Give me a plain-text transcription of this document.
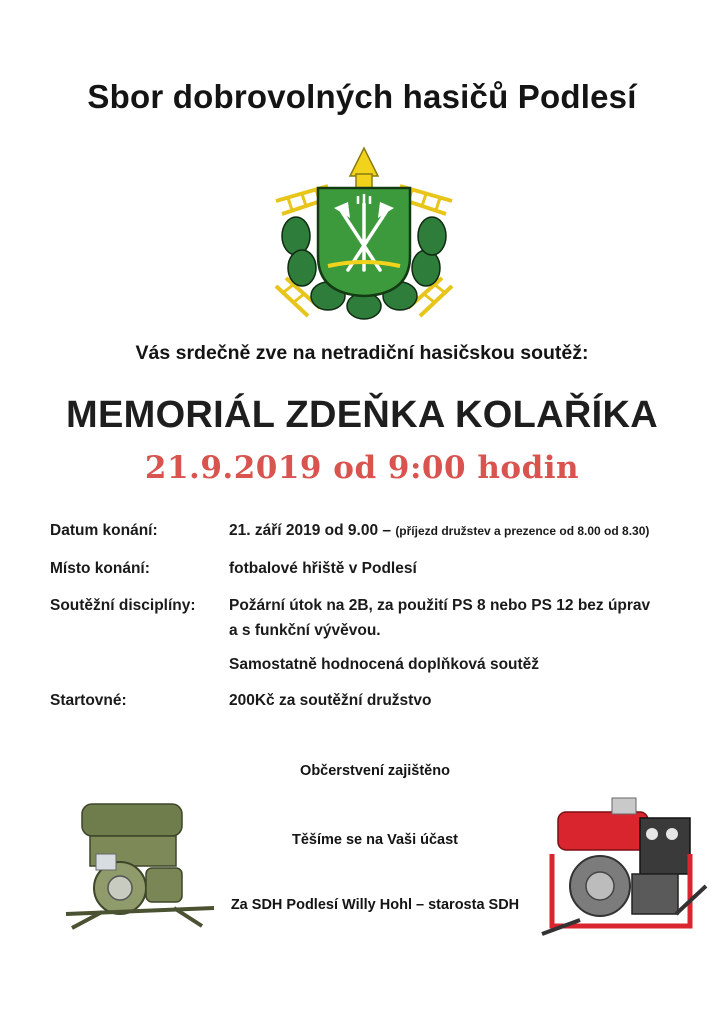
Sbor dobrovolných hasičů Podlesí
Vás srdečně zve na netradiční hasičskou soutěž:
MEMORIÁL ZDEŇKA KOLAŘÍKA
21.9.2019 od 9:00 hodin
Datum konání:	21. září 2019 od 9.00 – (příjezd družstev a prezence od 8.00 od 8.30)
Místo konání:	fotbalové hřiště v Podlesí
Soutěžní disciplíny: Požární útok na 2B, za použití PS 8 nebo PS 12 bez úprav
a s funkční vývěvou.
Samostatně hodnocená doplňková soutěž
Startovné:	200Kč za soutěžní družstvo
Občerstvení zajištěno
Těšíme se na Vaši účast
Za SDH Podlesí Willy Hohl – starosta SDH
